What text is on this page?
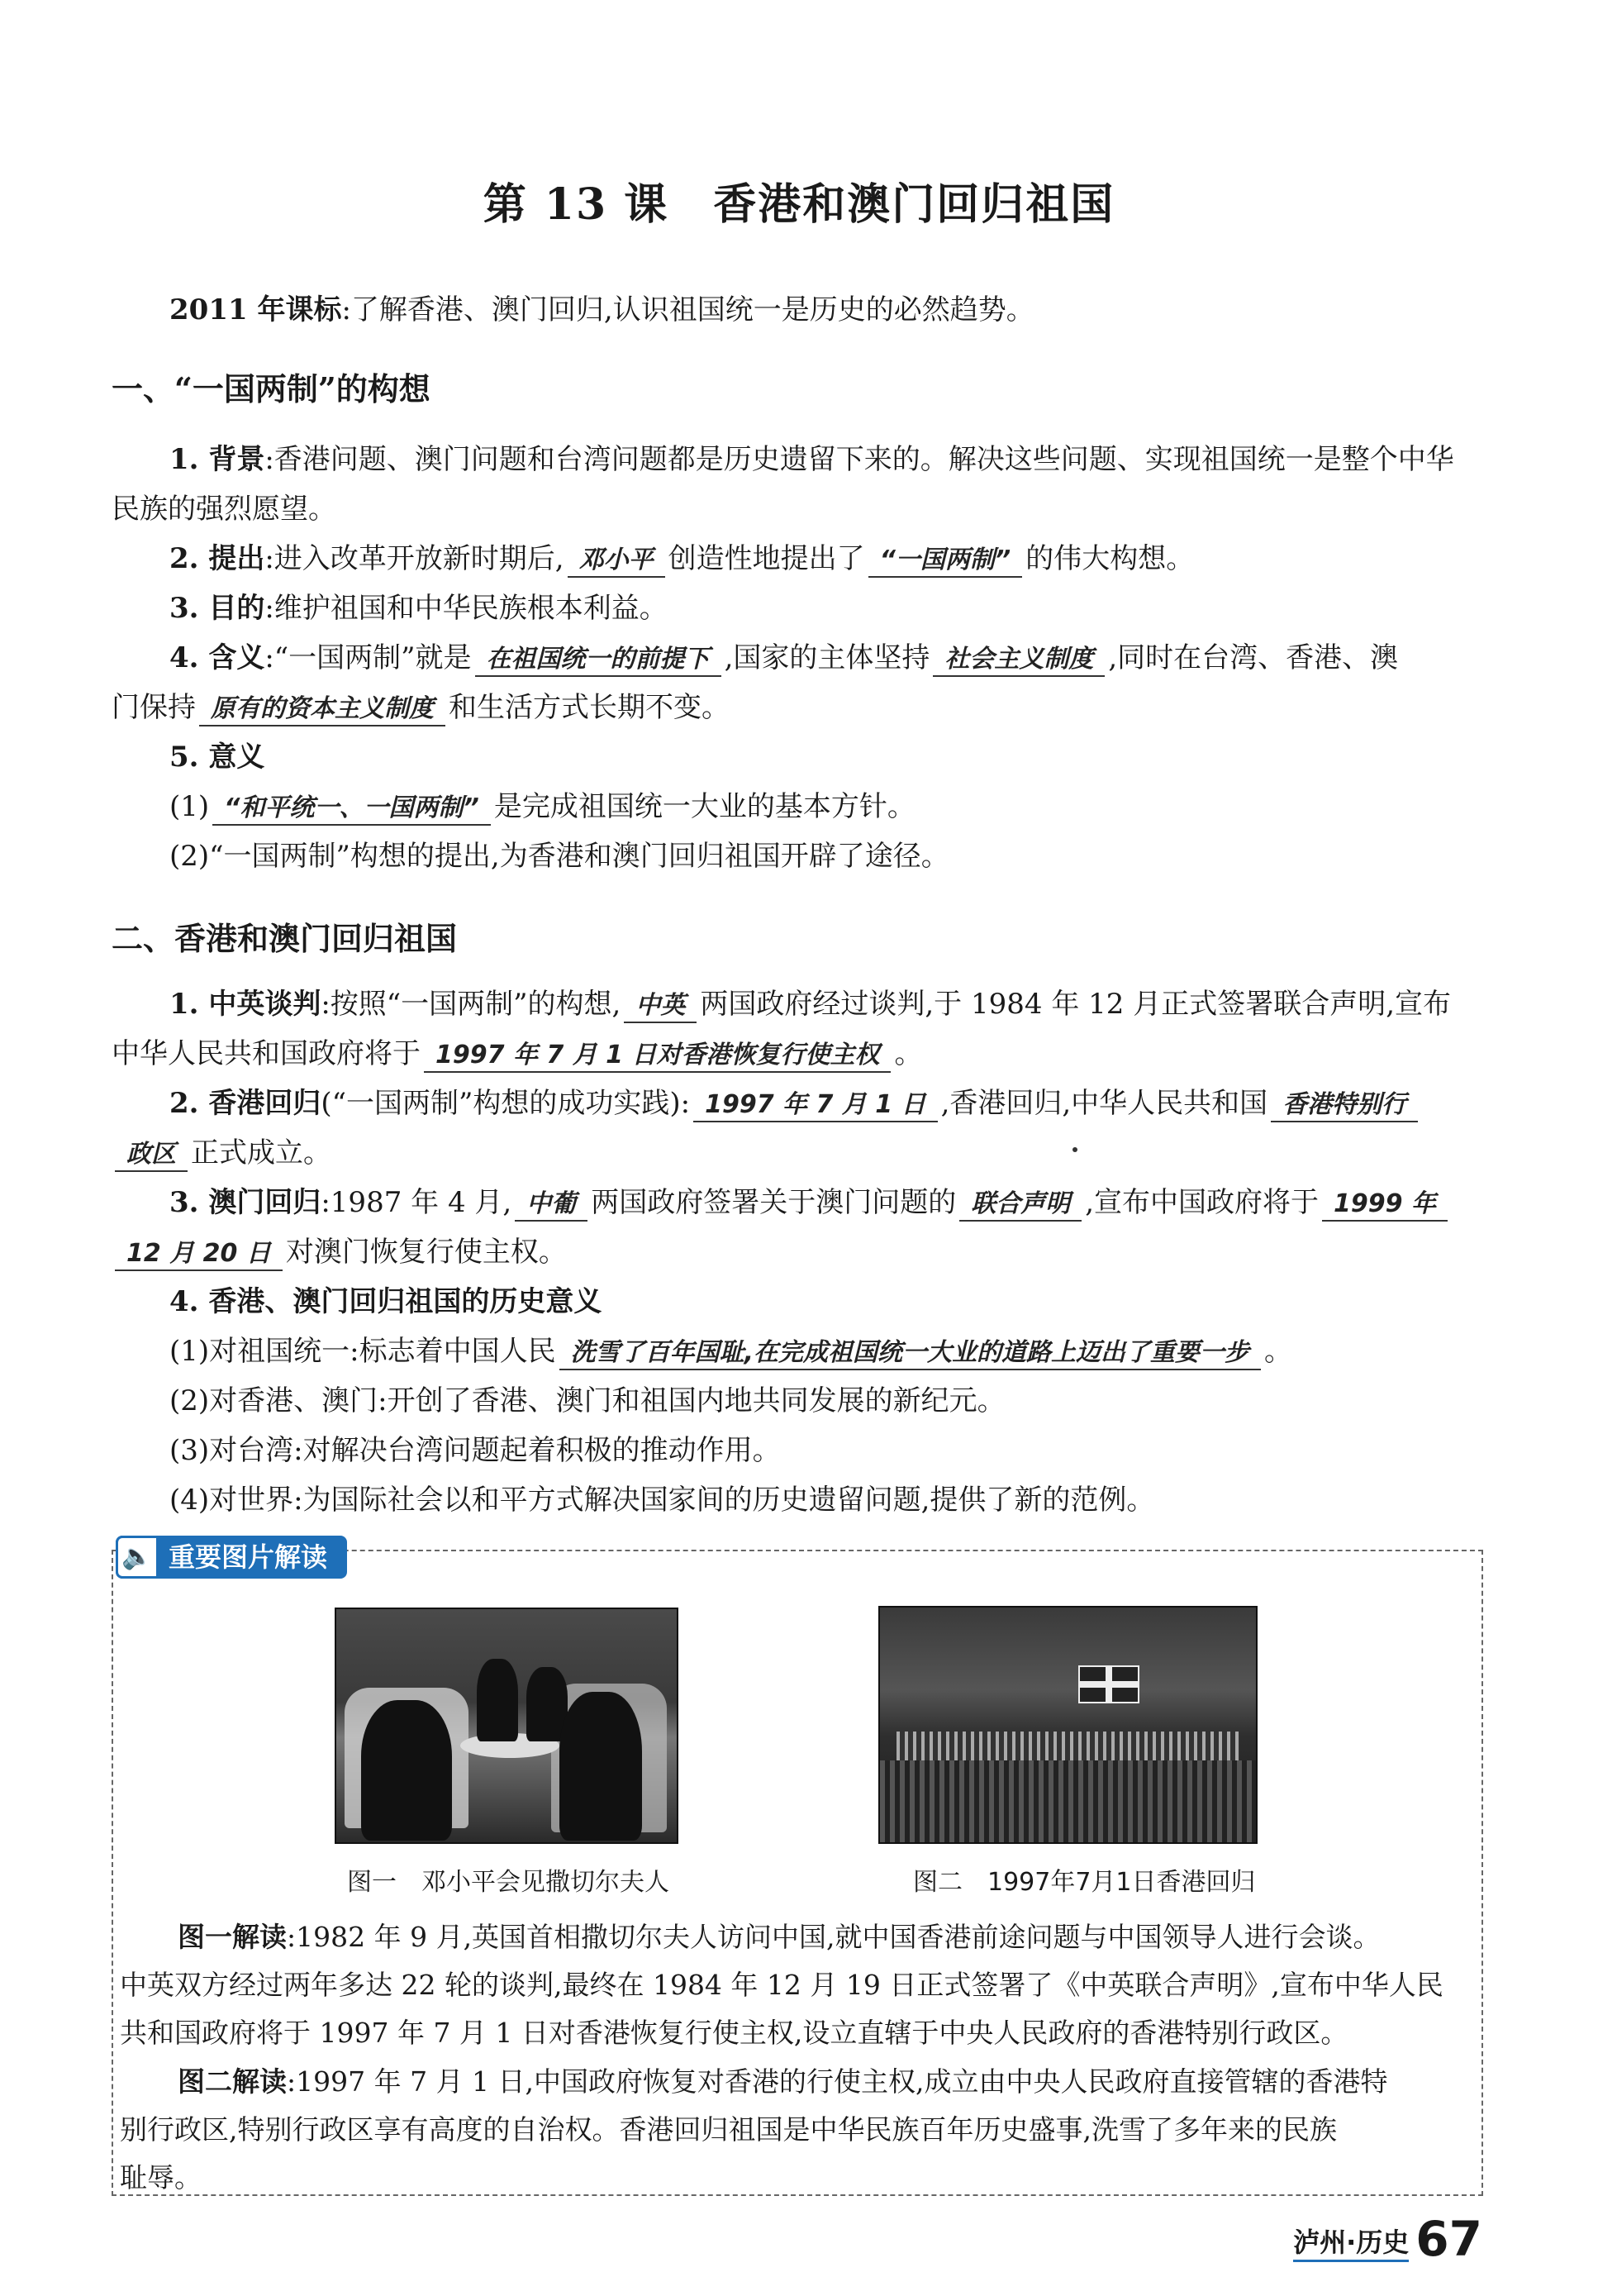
第 13 课　香港和澳门回归祖国
2011 年课标:了解香港、澳门回归,认识祖国统一是历史的必然趋势。
一、“一国两制”的构想
1. 背景:香港问题、澳门问题和台湾问题都是历史遗留下来的。解决这些问题、实现祖国统一是整个中华
民族的强烈愿望。
2. 提出:进入改革开放新时期后, 邓小平 创造性地提出了 “一国两制” 的伟大构想。
3. 目的:维护祖国和中华民族根本利益。
4. 含义:“一国两制”就是 在祖国统一的前提下 ,国家的主体坚持 社会主义制度 ,同时在台湾、香港、澳
门保持 原有的资本主义制度 和生活方式长期不变。
5. 意义
(1) “和平统一、一国两制” 是完成祖国统一大业的基本方针。
(2)“一国两制”构想的提出,为香港和澳门回归祖国开辟了途径。
二、香港和澳门回归祖国
1. 中英谈判:按照“一国两制”的构想, 中英 两国政府经过谈判,于 1984 年 12 月正式签署联合声明,宣布
中华人民共和国政府将于 1997 年 7 月 1 日对香港恢复行使主权 。
2. 香港回归(“一国两制”构想的成功实践): 1997 年 7 月 1 日 ,香港回归,中华人民共和国 香港特别行
政区 正式成立。
3. 澳门回归:1987 年 4 月, 中葡 两国政府签署关于澳门问题的 联合声明 ,宣布中国政府将于 1999 年
12 月 20 日 对澳门恢复行使主权。
4. 香港、澳门回归祖国的历史意义
(1)对祖国统一:标志着中国人民 洗雪了百年国耻,在完成祖国统一大业的道路上迈出了重要一步 。
(2)对香港、澳门:开创了香港、澳门和祖国内地共同发展的新纪元。
(3)对台湾:对解决台湾问题起着积极的推动作用。
(4)对世界:为国际社会以和平方式解决国家间的历史遗留问题,提供了新的范例。
🔈 重要图片解读
图一　邓小平会见撒切尔夫人	图二　1997年7月1日香港回归
图一解读:1982 年 9 月,英国首相撒切尔夫人访问中国,就中国香港前途问题与中国领导人进行会谈。
中英双方经过两年多达 22 轮的谈判,最终在 1984 年 12 月 19 日正式签署了《中英联合声明》,宣布中华人民
共和国政府将于 1997 年 7 月 1 日对香港恢复行使主权,设立直辖于中央人民政府的香港特别行政区。
图二解读:1997 年 7 月 1 日,中国政府恢复对香港的行使主权,成立由中央人民政府直接管辖的香港特
别行政区,特别行政区享有高度的自治权。香港回归祖国是中华民族百年历史盛事,洗雪了多年来的民族
耻辱。
泸州·历史 67
